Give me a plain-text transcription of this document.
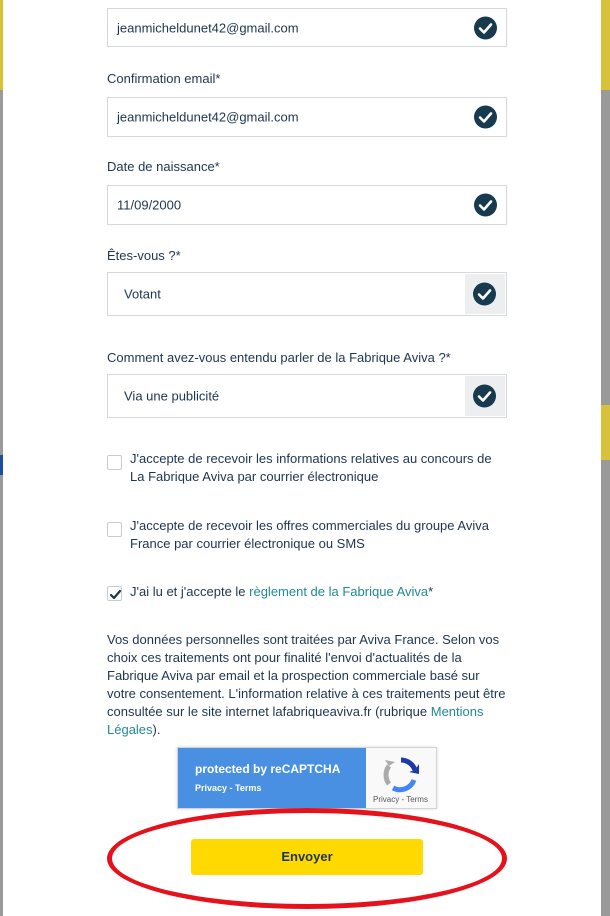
jeanmicheldunet42@gmail.com
Confirmation email*
jeanmicheldunet42@gmail.com
Date de naissance*
11/09/2000
Êtes-vous ?*
Votant
Comment avez-vous entendu parler de la Fabrique Aviva ?*
Via une publicité
J'accepte de recevoir les informations relatives au concours de La Fabrique Aviva par courrier électronique
J'accepte de recevoir les offres commerciales du groupe Aviva France par courrier électronique ou SMS
J'ai lu et j'accepte le règlement de la Fabrique Aviva*
Vos données personnelles sont traitées par Aviva France. Selon vos choix ces traitements ont pour finalité l'envoi d'actualités de la Fabrique Aviva par email et la prospection commerciale basé sur votre consentement. L'information relative à ces traitements peut être consultée sur le site internet lafabriqueaviva.fr (rubrique Mentions Légales).
protected by reCAPTCHA
Privacy - Terms
Privacy - Terms
Envoyer
